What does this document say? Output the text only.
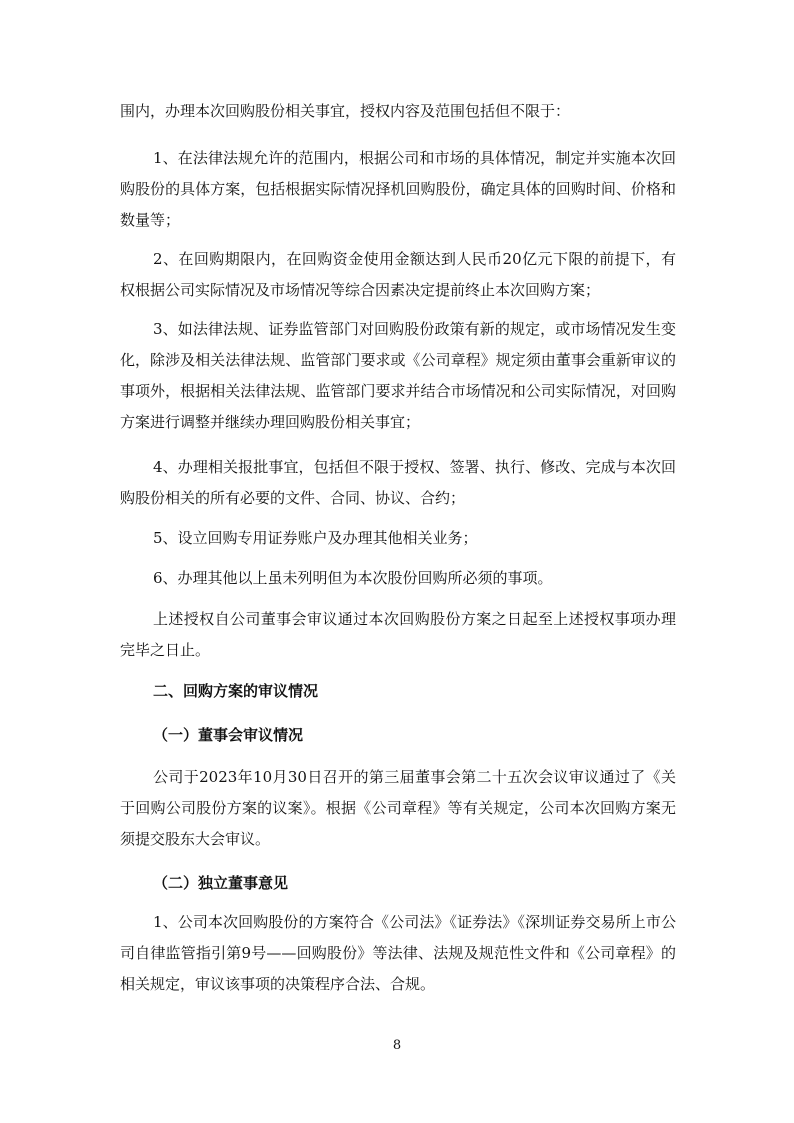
围内，办理本次回购股份相关事宜，授权内容及范围包括但不限于：

1、在法律法规允许的范围内，根据公司和市场的具体情况，制定并实施本次回购股份的具体方案，包括根据实际情况择机回购股份，确定具体的回购时间、价格和数量等；

2、在回购期限内，在回购资金使用金额达到人民币20亿元下限的前提下，有权根据公司实际情况及市场情况等综合因素决定提前终止本次回购方案；

3、如法律法规、证券监管部门对回购股份政策有新的规定，或市场情况发生变化，除涉及相关法律法规、监管部门要求或《公司章程》规定须由董事会重新审议的事项外，根据相关法律法规、监管部门要求并结合市场情况和公司实际情况，对回购方案进行调整并继续办理回购股份相关事宜；

4、办理相关报批事宜，包括但不限于授权、签署、执行、修改、完成与本次回购股份相关的所有必要的文件、合同、协议、合约；

5、设立回购专用证券账户及办理其他相关业务；

6、办理其他以上虽未列明但为本次股份回购所必须的事项。

上述授权自公司董事会审议通过本次回购股份方案之日起至上述授权事项办理完毕之日止。

二、回购方案的审议情况

（一）董事会审议情况

公司于2023年10月30日召开的第三届董事会第二十五次会议审议通过了《关于回购公司股份方案的议案》。根据《公司章程》等有关规定，公司本次回购方案无须提交股东大会审议。

（二）独立董事意见

1、公司本次回购股份的方案符合《公司法》《证券法》《深圳证券交易所上市公司自律监管指引第9号——回购股份》等法律、法规及规范性文件和《公司章程》的相关规定，审议该事项的决策程序合法、合规。

8
